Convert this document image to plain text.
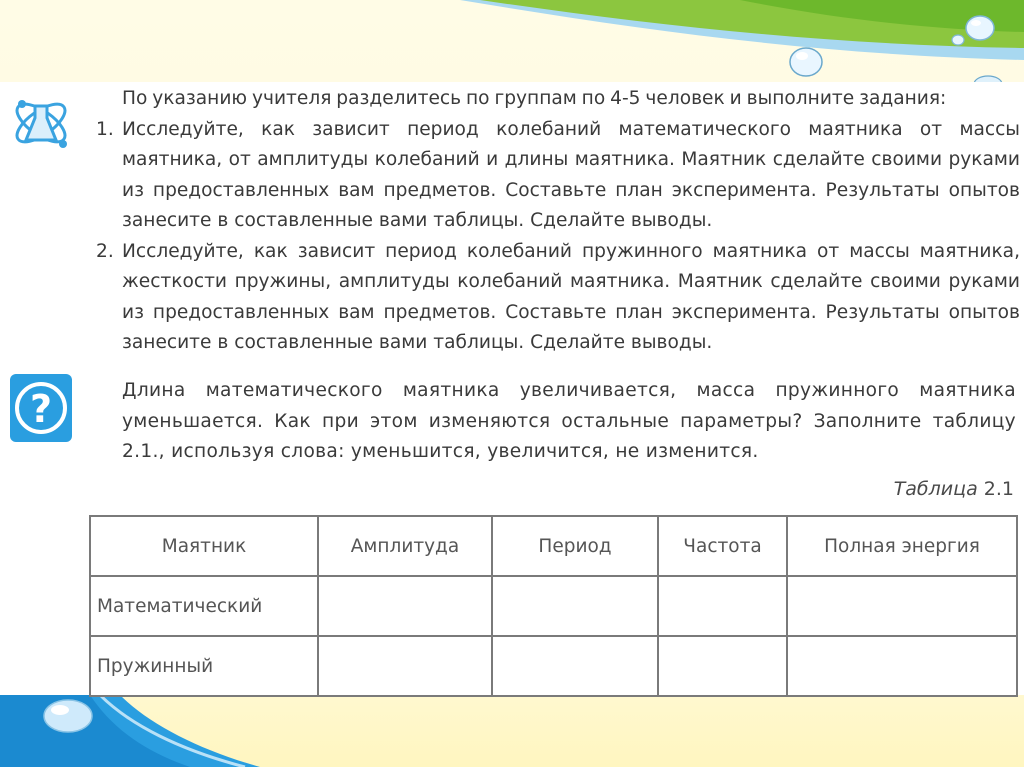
?
По указанию учителя разделитесь по группам по 4-5 человек и выполните задания:
1. Исследуйте, как зависит период колебаний математического маятника от массы маятника, от амплитуды колебаний и длины маятника. Маятник сделайте своими руками из предоставленных вам предметов. Составьте план эксперимента. Результаты опытов занесите в составленные вами таблицы. Сделайте выводы.
2. Исследуйте, как зависит период колебаний пружинного маятника от массы маятника, жесткости пружины, амплитуды колебаний маятника. Маятник сделайте своими руками из предоставленных вам предметов. Составьте план эксперимента. Результаты опытов занесите в составленные вами таблицы. Сделайте выводы.
Длина математического маятника увеличивается, масса пружинного маятника уменьшается. Как при этом изменяются остальные параметры? Заполните таблицу 2.1., используя слова: уменьшится, увеличится, не изменится.
Таблица 2.1
Маятник	Амплитуда	Период	Частота	Полная энергия
Математический				
Пружинный				
